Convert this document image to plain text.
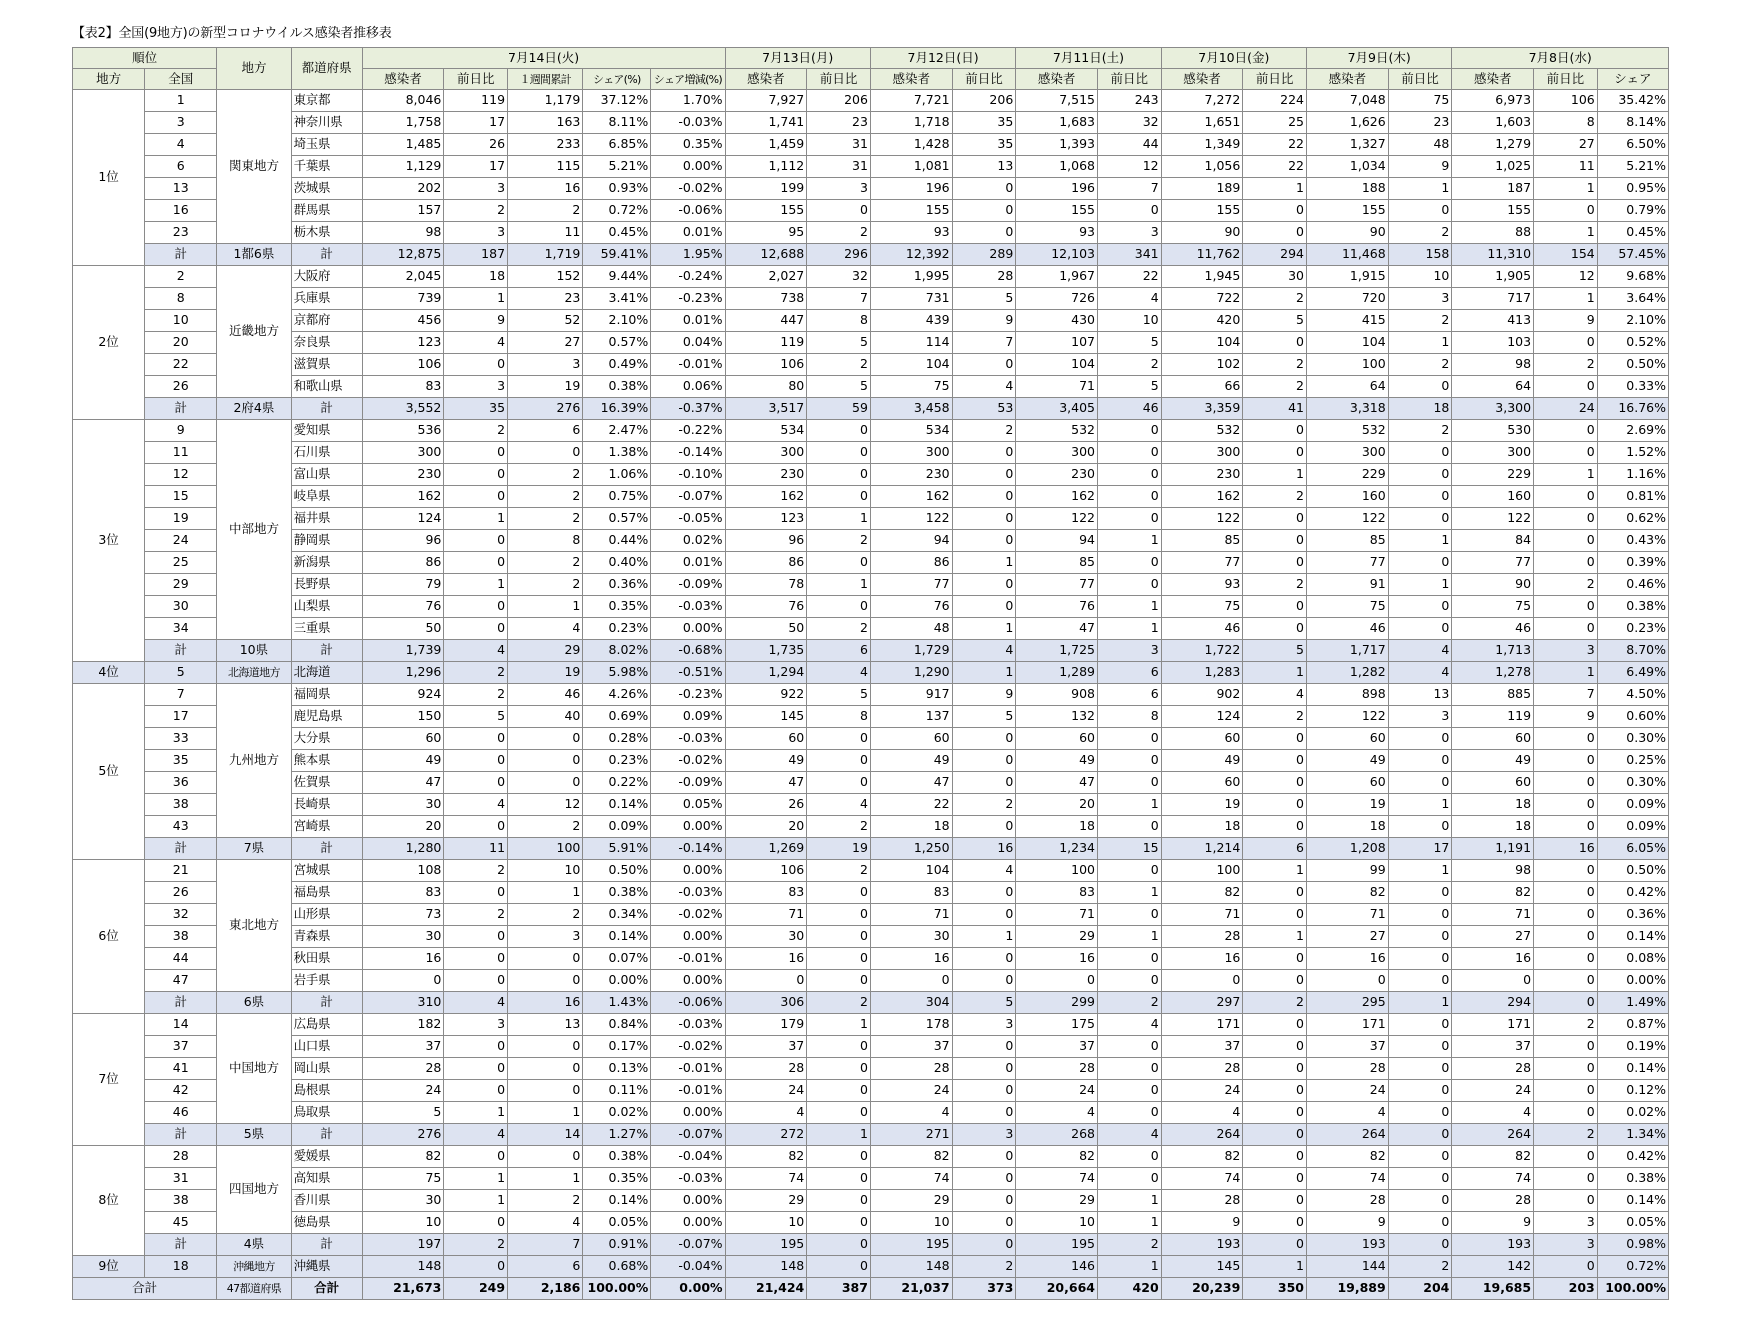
【表2】全国(9地方)の新型コロナウイルス感染者推移表
順位		地方	都道府県	7月14日(火)					7月13日(月)		7月12日(日)		7月11日(土)		7月10日(金)		7月9日(木)		7月8日(水)		
地方	全国			感染者	前日比	１週間累計	シェア(%)	シェア増減(%)	感染者	前日比	感染者	前日比	感染者	前日比	感染者	前日比	感染者	前日比	感染者	前日比	シェア
1位	1	関東地方	東京都	8,046	119	1,179	37.12%	1.70%	7,927	206	7,721	206	7,515	243	7,272	224	7,048	75	6,973	106	35.42%
	3		神奈川県	1,758	17	163	8.11%	-0.03%	1,741	23	1,718	35	1,683	32	1,651	25	1,626	23	1,603	8	8.14%
	4		埼玉県	1,485	26	233	6.85%	0.35%	1,459	31	1,428	35	1,393	44	1,349	22	1,327	48	1,279	27	6.50%
	6		千葉県	1,129	17	115	5.21%	0.00%	1,112	31	1,081	13	1,068	12	1,056	22	1,034	9	1,025	11	5.21%
	13		茨城県	202	3	16	0.93%	-0.02%	199	3	196	0	196	7	189	1	188	1	187	1	0.95%
	16		群馬県	157	2	2	0.72%	-0.06%	155	0	155	0	155	0	155	0	155	0	155	0	0.79%
	23		栃木県	98	3	11	0.45%	0.01%	95	2	93	0	93	3	90	0	90	2	88	1	0.45%
	計	1都6県	計	12,875	187	1,719	59.41%	1.95%	12,688	296	12,392	289	12,103	341	11,762	294	11,468	158	11,310	154	57.45%
2位	2	近畿地方	大阪府	2,045	18	152	9.44%	-0.24%	2,027	32	1,995	28	1,967	22	1,945	30	1,915	10	1,905	12	9.68%
	8		兵庫県	739	1	23	3.41%	-0.23%	738	7	731	5	726	4	722	2	720	3	717	1	3.64%
	10		京都府	456	9	52	2.10%	0.01%	447	8	439	9	430	10	420	5	415	2	413	9	2.10%
	20		奈良県	123	4	27	0.57%	0.04%	119	5	114	7	107	5	104	0	104	1	103	0	0.52%
	22		滋賀県	106	0	3	0.49%	-0.01%	106	2	104	0	104	2	102	2	100	2	98	2	0.50%
	26		和歌山県	83	3	19	0.38%	0.06%	80	5	75	4	71	5	66	2	64	0	64	0	0.33%
	計	2府4県	計	3,552	35	276	16.39%	-0.37%	3,517	59	3,458	53	3,405	46	3,359	41	3,318	18	3,300	24	16.76%
3位	9	中部地方	愛知県	536	2	6	2.47%	-0.22%	534	0	534	2	532	0	532	0	532	2	530	0	2.69%
	11		石川県	300	0	0	1.38%	-0.14%	300	0	300	0	300	0	300	0	300	0	300	0	1.52%
	12		富山県	230	0	2	1.06%	-0.10%	230	0	230	0	230	0	230	1	229	0	229	1	1.16%
	15		岐阜県	162	0	2	0.75%	-0.07%	162	0	162	0	162	0	162	2	160	0	160	0	0.81%
	19		福井県	124	1	2	0.57%	-0.05%	123	1	122	0	122	0	122	0	122	0	122	0	0.62%
	24		静岡県	96	0	8	0.44%	0.02%	96	2	94	0	94	1	85	0	85	1	84	0	0.43%
	25		新潟県	86	0	2	0.40%	0.01%	86	0	86	1	85	0	77	0	77	0	77	0	0.39%
	29		長野県	79	1	2	0.36%	-0.09%	78	1	77	0	77	0	93	2	91	1	90	2	0.46%
	30		山梨県	76	0	1	0.35%	-0.03%	76	0	76	0	76	1	75	0	75	0	75	0	0.38%
	34		三重県	50	0	4	0.23%	0.00%	50	2	48	1	47	1	46	0	46	0	46	0	0.23%
	計	10県	計	1,739	4	29	8.02%	-0.68%	1,735	6	1,729	4	1,725	3	1,722	5	1,717	4	1,713	3	8.70%
4位	5	北海道地方	北海道	1,296	2	19	5.98%	-0.51%	1,294	4	1,290	1	1,289	6	1,283	1	1,282	4	1,278	1	6.49%
5位	7	九州地方	福岡県	924	2	46	4.26%	-0.23%	922	5	917	9	908	6	902	4	898	13	885	7	4.50%
	17		鹿児島県	150	5	40	0.69%	0.09%	145	8	137	5	132	8	124	2	122	3	119	9	0.60%
	33		大分県	60	0	0	0.28%	-0.03%	60	0	60	0	60	0	60	0	60	0	60	0	0.30%
	35		熊本県	49	0	0	0.23%	-0.02%	49	0	49	0	49	0	49	0	49	0	49	0	0.25%
	36		佐賀県	47	0	0	0.22%	-0.09%	47	0	47	0	47	0	60	0	60	0	60	0	0.30%
	38		長崎県	30	4	12	0.14%	0.05%	26	4	22	2	20	1	19	0	19	1	18	0	0.09%
	43		宮崎県	20	0	2	0.09%	0.00%	20	2	18	0	18	0	18	0	18	0	18	0	0.09%
	計	7県	計	1,280	11	100	5.91%	-0.14%	1,269	19	1,250	16	1,234	15	1,214	6	1,208	17	1,191	16	6.05%
6位	21	東北地方	宮城県	108	2	10	0.50%	0.00%	106	2	104	4	100	0	100	1	99	1	98	0	0.50%
	26		福島県	83	0	1	0.38%	-0.03%	83	0	83	0	83	1	82	0	82	0	82	0	0.42%
	32		山形県	73	2	2	0.34%	-0.02%	71	0	71	0	71	0	71	0	71	0	71	0	0.36%
	38		青森県	30	0	3	0.14%	0.00%	30	0	30	1	29	1	28	1	27	0	27	0	0.14%
	44		秋田県	16	0	0	0.07%	-0.01%	16	0	16	0	16	0	16	0	16	0	16	0	0.08%
	47		岩手県	0	0	0	0.00%	0.00%	0	0	0	0	0	0	0	0	0	0	0	0	0.00%
	計	6県	計	310	4	16	1.43%	-0.06%	306	2	304	5	299	2	297	2	295	1	294	0	1.49%
7位	14	中国地方	広島県	182	3	13	0.84%	-0.03%	179	1	178	3	175	4	171	0	171	0	171	2	0.87%
	37		山口県	37	0	0	0.17%	-0.02%	37	0	37	0	37	0	37	0	37	0	37	0	0.19%
	41		岡山県	28	0	0	0.13%	-0.01%	28	0	28	0	28	0	28	0	28	0	28	0	0.14%
	42		島根県	24	0	0	0.11%	-0.01%	24	0	24	0	24	0	24	0	24	0	24	0	0.12%
	46		鳥取県	5	1	1	0.02%	0.00%	4	0	4	0	4	0	4	0	4	0	4	0	0.02%
	計	5県	計	276	4	14	1.27%	-0.07%	272	1	271	3	268	4	264	0	264	0	264	2	1.34%
8位	28	四国地方	愛媛県	82	0	0	0.38%	-0.04%	82	0	82	0	82	0	82	0	82	0	82	0	0.42%
	31		高知県	75	1	1	0.35%	-0.03%	74	0	74	0	74	0	74	0	74	0	74	0	0.38%
	38		香川県	30	1	2	0.14%	0.00%	29	0	29	0	29	1	28	0	28	0	28	0	0.14%
	45		徳島県	10	0	4	0.05%	0.00%	10	0	10	0	10	1	9	0	9	0	9	3	0.05%
	計	4県	計	197	2	7	0.91%	-0.07%	195	0	195	0	195	2	193	0	193	0	193	3	0.98%
9位	18	沖縄地方	沖縄県	148	0	6	0.68%	-0.04%	148	0	148	2	146	1	145	1	144	2	142	0	0.72%
合計		47都道府県	合計	21,673	249	2,186	100.00%	0.00%	21,424	387	21,037	373	20,664	420	20,239	350	19,889	204	19,685	203	100.00%
